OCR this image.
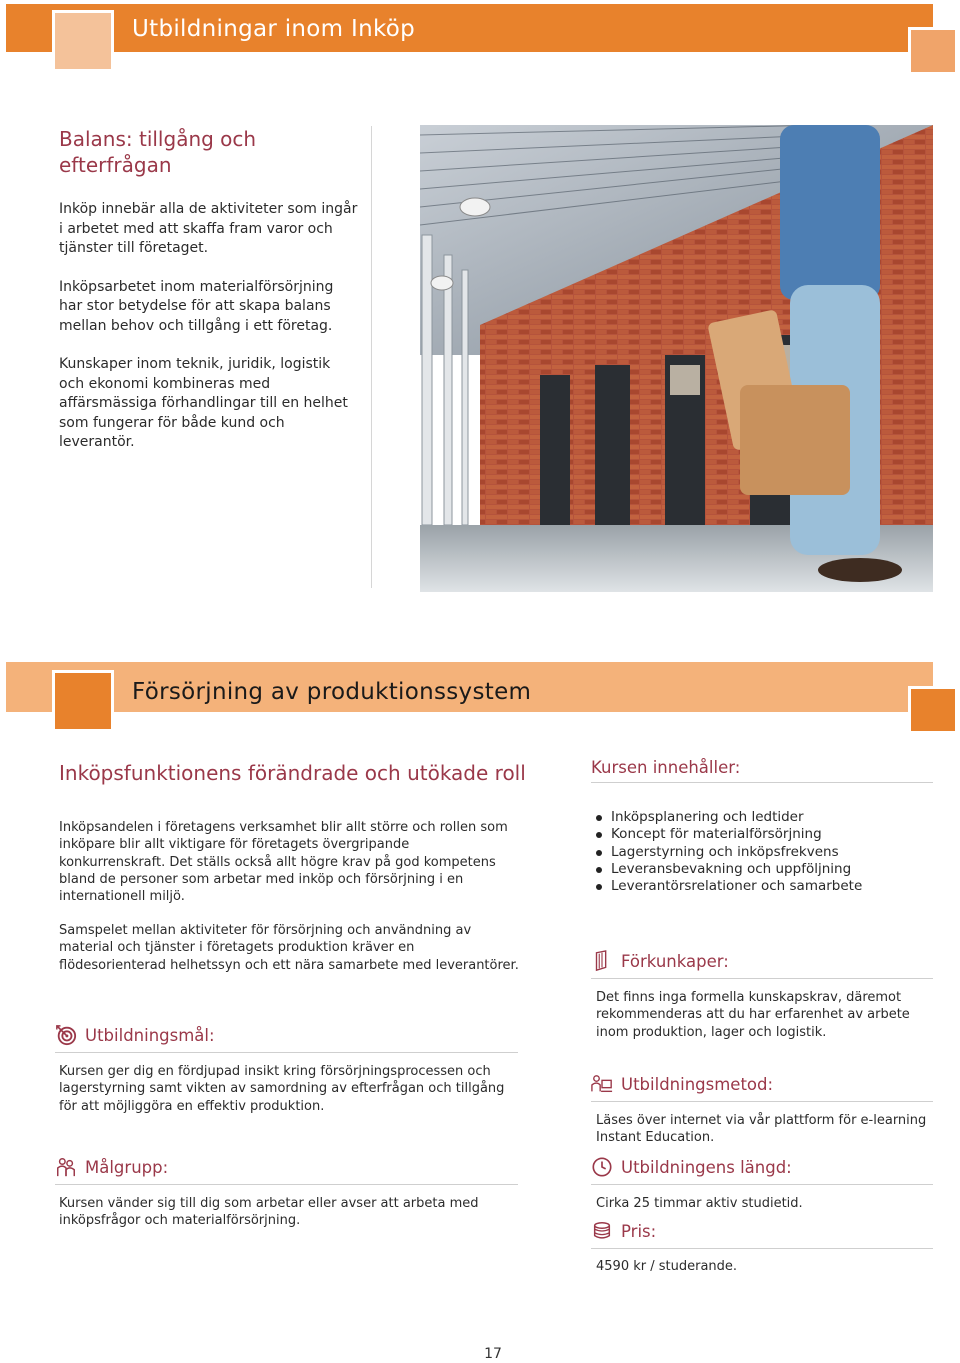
Utbildningar inom Inköp
Balans: tillgång och efterfrågan

Inköp innebär alla de aktiviteter som ingår i arbetet med att skaffa fram varor och tjänster till företaget.

Inköpsarbetet inom materialförsörjning har stor betydelse för att skapa balans mellan behov och tillgång i ett företag.

Kunskaper inom teknik, juridik, logistik och ekonomi kombineras med affärsmässiga förhandlingar till en helhet som fungerar för både kund och leverantör.

Försörjning av produktionssystem
Inköpsfunktionens förändrade och utökade roll

Inköpsandelen i företagens verksamhet blir allt större och rollen som inköpare blir allt viktigare för företagets övergripande konkurrenskraft. Det ställs också allt högre krav på god kompetens bland de personer som arbetar med inköp och försörjning i en internationell miljö.

Samspelet mellan aktiviteter för försörjning och användning av material och tjänster i företagets produktion kräver en flödesorienterad helhetssyn och ett nära samarbete med leverantörer.

Utbildningsmål:

Kursen ger dig en fördjupad insikt kring försörjningsprocessen och lagerstyrning samt vikten av samordning av efterfrågan och tillgång för att möjliggöra en effektiv produktion.

Målgrupp:

Kursen vänder sig till dig som arbetar eller avser att arbeta med inköpsfrågor och materialförsörjning.

Kursen innehåller:
Inköpsplanering och ledtider
Koncept för materialförsörjning
Lagerstyrning och inköpsfrekvens
Leveransbevakning och uppföljning
Leverantörsrelationer och samarbete
Förkunkaper:

Det finns inga formella kunskapskrav, däremot rekommenderas att du har erfarenhet av arbete inom produktion, lager och logistik.

Utbildningsmetod:

Läses över internet via vår plattform för e-learning Instant Education.

Utbildningens längd:

Cirka 25 timmar aktiv studietid.

Pris:

4590 kr / studerande.

17
